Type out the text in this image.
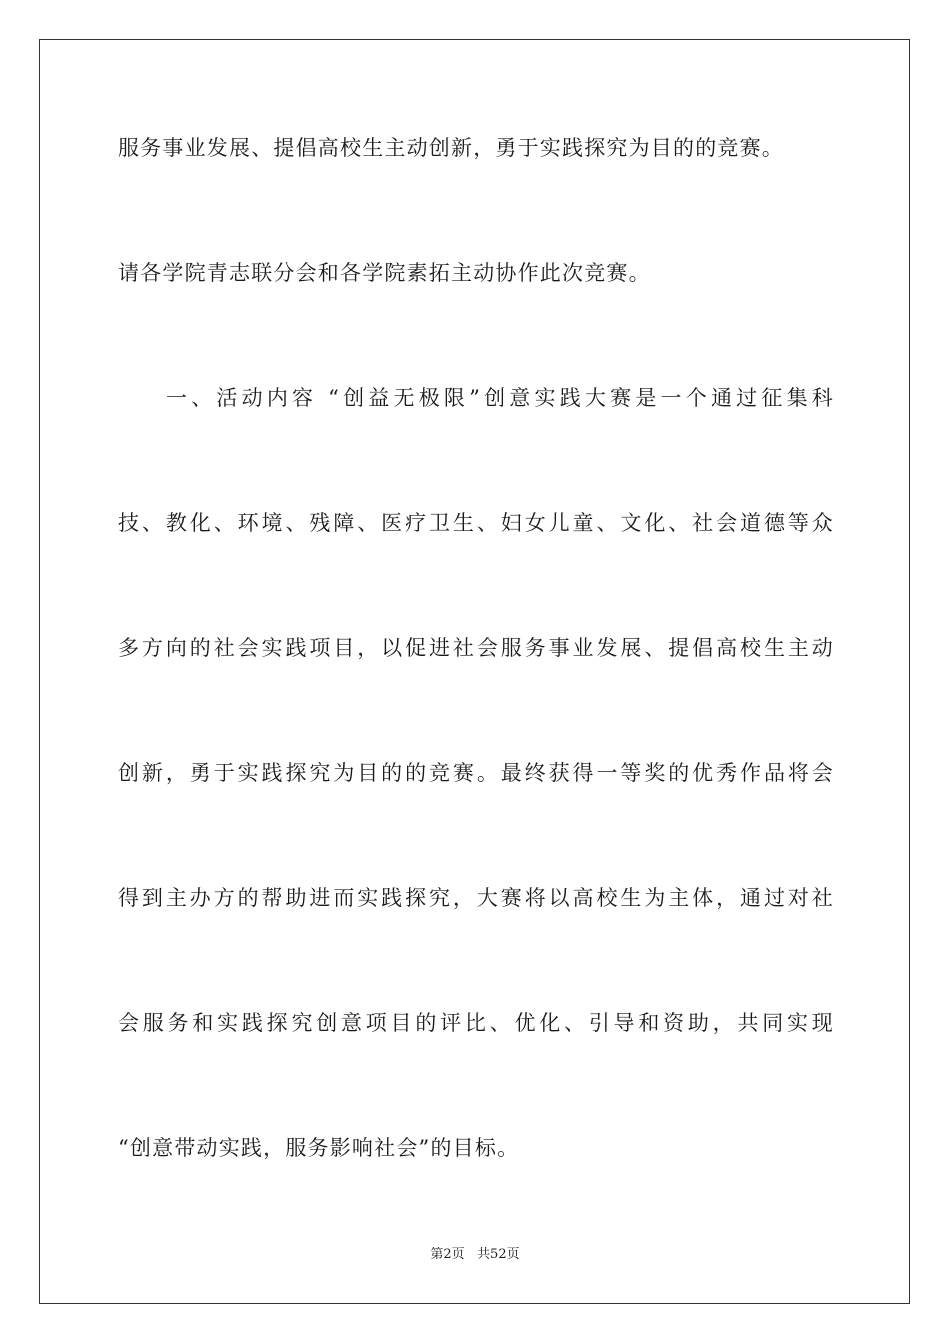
服务事业发展、提倡高校生主动创新，勇于实践探究为目的的竞赛。
请各学院青志联分会和各学院素拓主动协作此次竞赛。
一、活动内容 “创益无极限”创意实践大赛是一个通过征集科
技、教化、环境、残障、医疗卫生、妇女儿童、文化、社会道德等众
多方向的社会实践项目，以促进社会服务事业发展、提倡高校生主动
创新，勇于实践探究为目的的竞赛。最终获得一等奖的优秀作品将会
得到主办方的帮助进而实践探究，大赛将以高校生为主体，通过对社
会服务和实践探究创意项目的评比、优化、引导和资助，共同实现
“创意带动实践，服务影响社会”的目标。
第2页   共52页
